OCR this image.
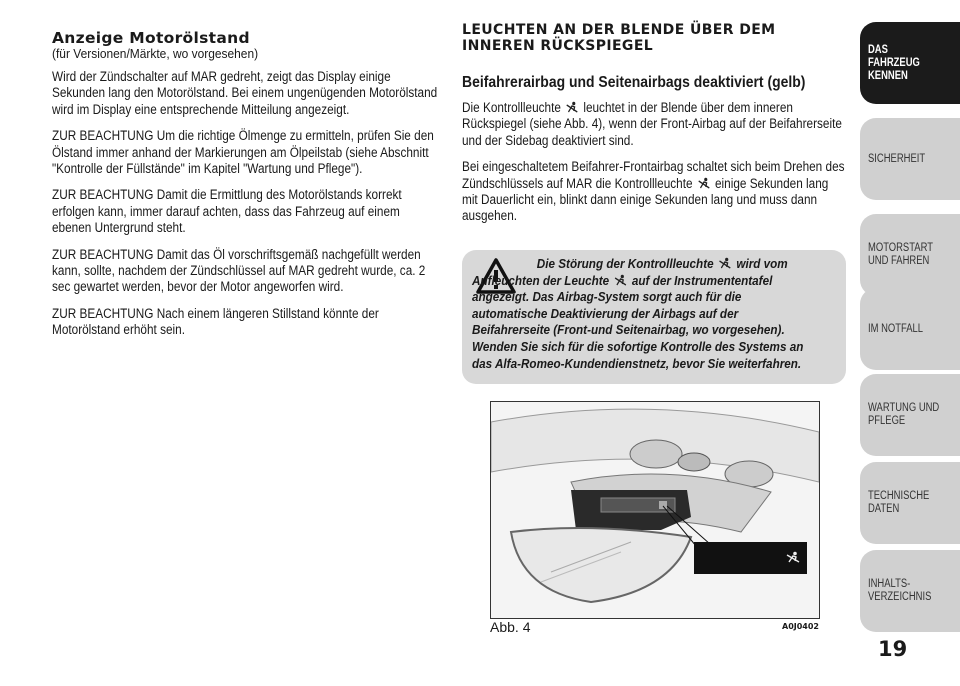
Anzeige Motorölstand
(für Versionen/Märkte, wo vorgesehen)

Wird der Zündschalter auf MAR gedreht, zeigt das Display einige Sekunden lang den Motorölstand. Bei einem ungenügenden Motorölstand wird im Display eine entsprechende Mitteilung angezeigt.

ZUR BEACHTUNG Um die richtige Ölmenge zu ermitteln, prüfen Sie den Ölstand immer anhand der Markierungen am Ölpeilstab (siehe Abschnitt "Kontrolle der Füllstände" im Kapitel "Wartung und Pflege").

ZUR BEACHTUNG Damit die Ermittlung des Motorölstands korrekt erfolgen kann, immer darauf achten, dass das Fahrzeug auf einem ebenen Untergrund steht.

ZUR BEACHTUNG Damit das Öl vorschriftsgemäß nachgefüllt werden kann, sollte, nachdem der Zündschlüssel auf MAR gedreht wurde, ca. 2 sec gewartet werden, bevor der Motor angeworfen wird.

ZUR BEACHTUNG Nach einem längeren Stillstand könnte der Motorölstand erhöht sein.

LEUCHTEN AN DER BLENDE ÜBER DEM INNEREN RÜCKSPIEGEL
Beifahrerairbag und Seitenairbags deaktiviert (gelb)

Die Kontrollleuchte leuchtet in der Blende über dem inneren Rückspiegel (siehe Abb. 4), wenn der Front-Airbag auf der Beifahrerseite und der Sidebag deaktiviert sind.

Bei eingeschaltetem Beifahrer-Frontairbag schaltet sich beim Drehen des Zündschlüssels auf MAR die Kontrollleuchte einige Sekunden lang mit Dauerlicht ein, blinkt dann einige Sekunden lang und muss dann ausgehen.

Die Störung der Kontrollleuchte wird vom Aufleuchten der Leuchte auf der Instrumententafel angezeigt. Das Airbag-System sorgt auch für die automatische Deaktivierung der Airbags auf der Beifahrerseite (Front-und Seitenairbag, wo vorgesehen). Wenden Sie sich für die sofortige Kontrolle des Systems an das Alfa-Romeo-Kundendienstnetz, bevor Sie weiterfahren.
Abb. 4	A0J0402
DAS FAHRZEUG KENNEN
SICHERHEIT
MOTORSTART UND FAHREN
IM NOTFALL
WARTUNG UND PFLEGE
TECHNISCHE DATEN
INHALTS-VERZEICHNIS
19
